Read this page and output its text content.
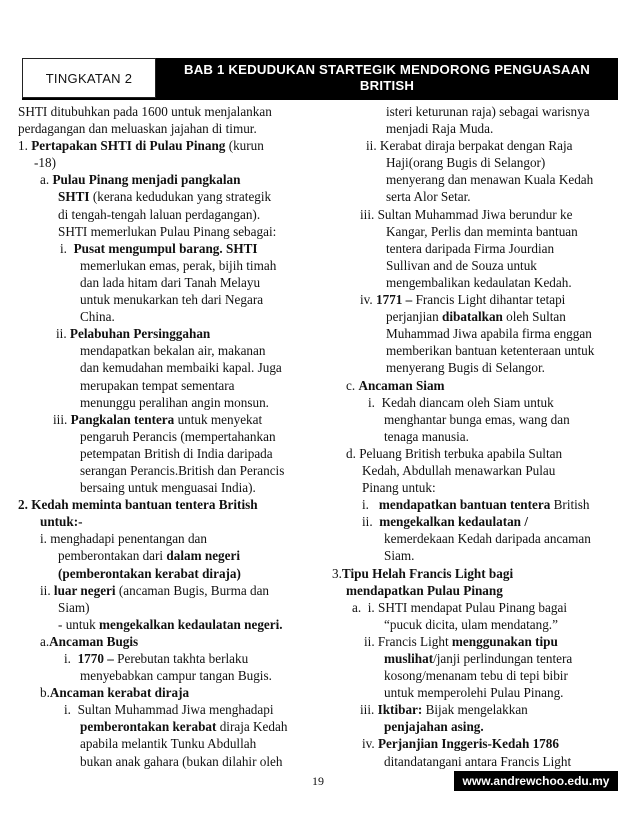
TINGKATAN 2
BAB 1 KEDUDUKAN STARTEGIK MENDORONG PENGUASAAN
BRITISH

SHTI ditubuhkan pada 1600 untuk menjalankan

perdagangan dan meluaskan jajahan di timur.

1. Pertapakan SHTI di Pulau Pinang (kurun

-18)

a. Pulau Pinang menjadi pangkalan

SHTI (kerana kedudukan yang strategik

di tengah-tengah laluan perdagangan).

SHTI memerlukan Pulau Pinang sebagai:

i. Pusat mengumpul barang. SHTI

memerlukan emas, perak, bijih timah

dan lada hitam dari Tanah Melayu

untuk menukarkan teh dari Negara

China.

ii. Pelabuhan Persinggahan

mendapatkan bekalan air, makanan

dan kemudahan membaiki kapal. Juga

merupakan tempat sementara

menunggu peralihan angin monsun.

iii. Pangkalan tentera untuk menyekat

pengaruh Perancis (mempertahankan

petempatan British di India daripada

serangan Perancis.British dan Perancis

bersaing untuk menguasai India).

2. Kedah meminta bantuan tentera British

untuk:-

i. menghadapi penentangan dan

pemberontakan dari dalam negeri

(pemberontakan kerabat diraja)

ii. luar negeri (ancaman Bugis, Burma dan

Siam)

- untuk mengekalkan kedaulatan negeri.

a.Ancaman Bugis

i. 1770 – Perebutan takhta berlaku

menyebabkan campur tangan Bugis.

b.Ancaman kerabat diraja

i. Sultan Muhammad Jiwa menghadapi

pemberontakan kerabat diraja Kedah

apabila melantik Tunku Abdullah

bukan anak gahara (bukan dilahir oleh

isteri keturunan raja) sebagai warisnya

menjadi Raja Muda.

ii. Kerabat diraja berpakat dengan Raja

Haji(orang Bugis di Selangor)

menyerang dan menawan Kuala Kedah

serta Alor Setar.

iii. Sultan Muhammad Jiwa berundur ke

Kangar, Perlis dan meminta bantuan

tentera daripada Firma Jourdian

Sullivan and de Souza untuk

mengembalikan kedaulatan Kedah.

iv. 1771 – Francis Light dihantar tetapi

perjanjian dibatalkan oleh Sultan

Muhammad Jiwa apabila firma enggan

memberikan bantuan ketenteraan untuk

menyerang Bugis di Selangor.

c. Ancaman Siam

i. Kedah diancam oleh Siam untuk

menghantar bunga emas, wang dan

tenaga manusia.

d. Peluang British terbuka apabila Sultan

Kedah, Abdullah menawarkan Pulau

Pinang untuk:

i. mendapatkan bantuan tentera British

ii. mengekalkan kedaulatan /

kemerdekaan Kedah daripada ancaman

Siam.

3.Tipu Helah Francis Light bagi

mendapatkan Pulau Pinang

a. i. SHTI mendapat Pulau Pinang bagai

“pucuk dicita, ulam mendatang.”

ii. Francis Light menggunakan tipu

muslihat/janji perlindungan tentera

kosong/menanam tebu di tepi bibir

untuk memperolehi Pulau Pinang.

iii. Iktibar: Bijak mengelakkan

penjajahan asing.

iv. Perjanjian Inggeris-Kedah 1786

ditandatangani antara Francis Light

19	www.andrewchoo.edu.my
